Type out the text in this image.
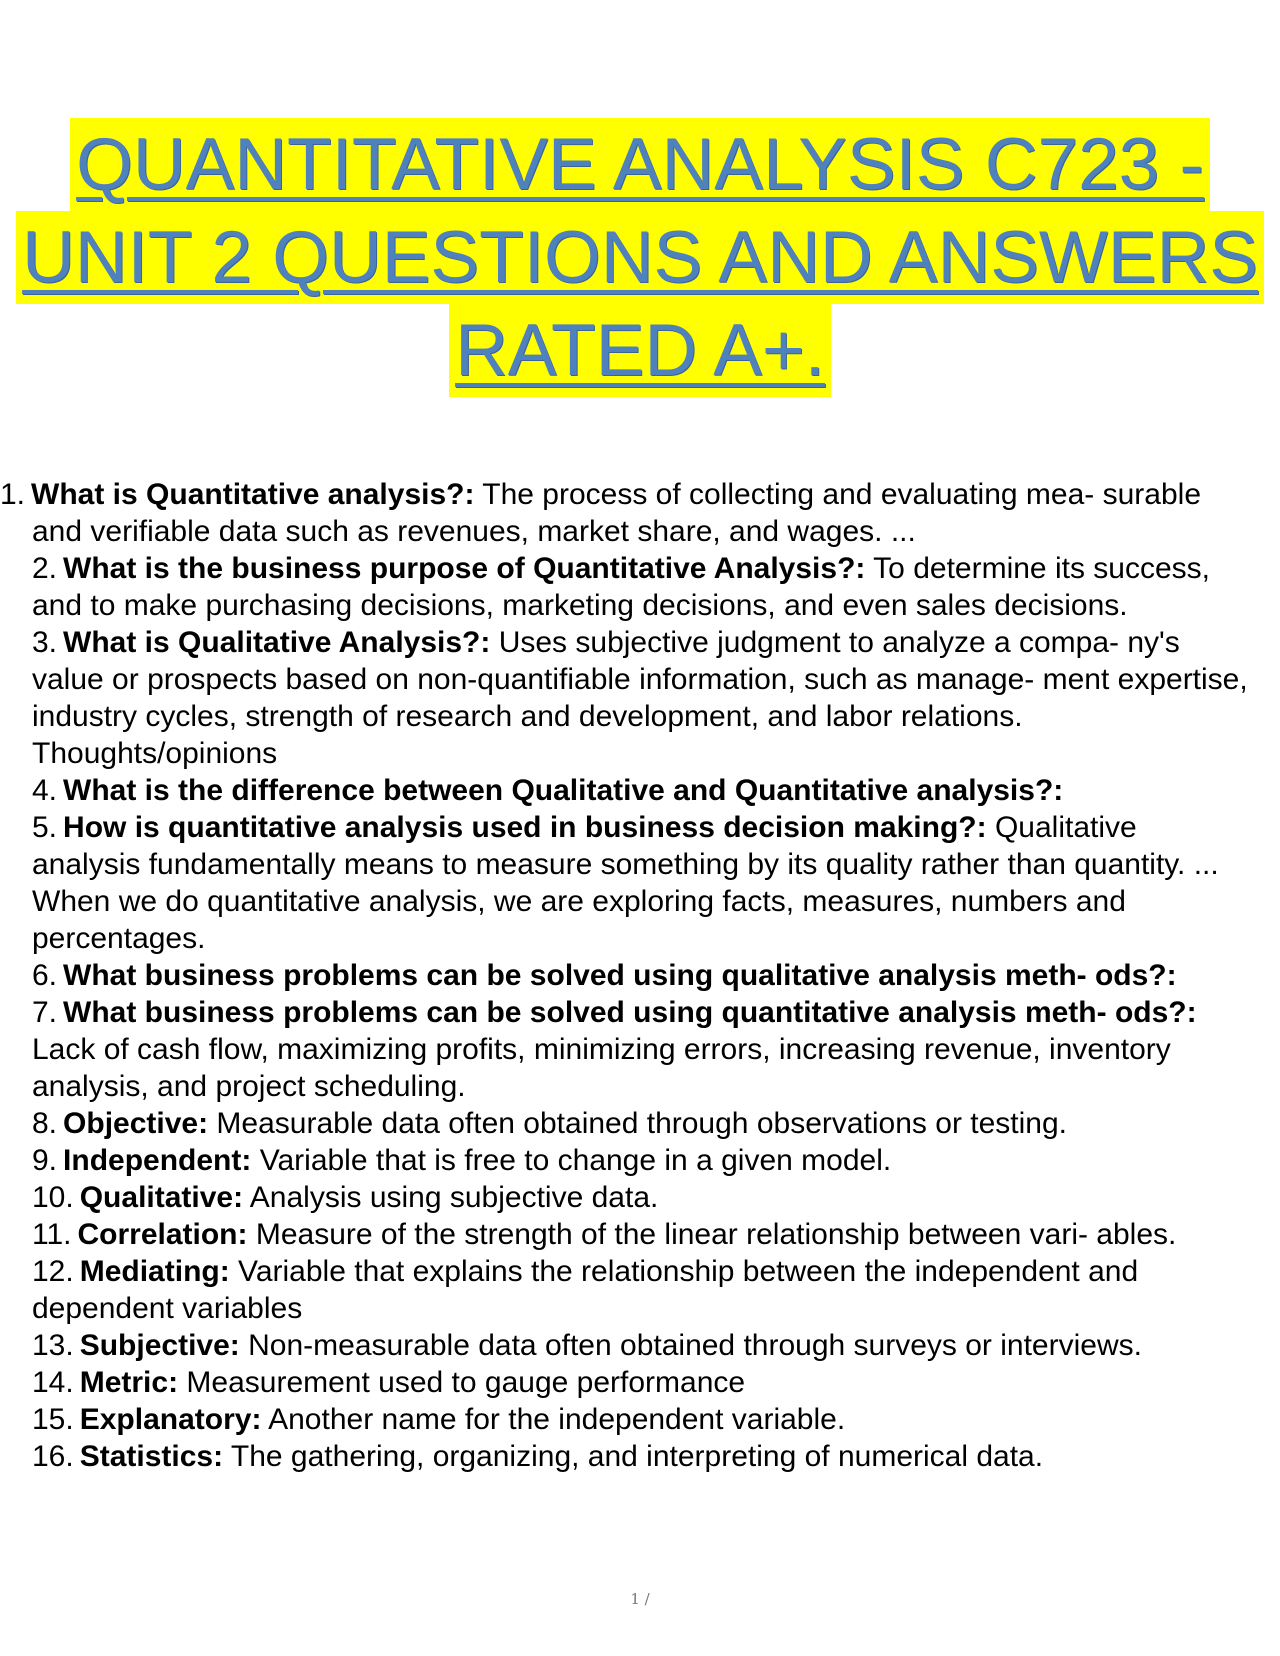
QUANTITATIVE ANALYSIS C723 -
UNIT 2 QUESTIONS AND ANSWERS
RATED A+.

1. What is Quantitative analysis?: The process of collecting and evaluating mea- surable and verifiable data such as revenues, market share, and wages. ...

2. What is the business purpose of Quantitative Analysis?: To determine its success, and to make purchasing decisions, marketing decisions, and even sales decisions.

3. What is Qualitative Analysis?: Uses subjective judgment to analyze a compa- ny's value or prospects based on non-quantifiable information, such as manage- ment expertise, industry cycles, strength of research and development, and labor relations. Thoughts/opinions

4. What is the difference between Qualitative and Quantitative analysis?:

5. How is quantitative analysis used in business decision making?: Qualitative analysis fundamentally means to measure something by its quality rather than quantity. ... When we do quantitative analysis, we are exploring facts, measures, numbers and percentages.

6. What business problems can be solved using qualitative analysis meth- ods?:

7. What business problems can be solved using quantitative analysis meth- ods?: Lack of cash flow, maximizing profits, minimizing errors, increasing revenue, inventory analysis, and project scheduling.

8. Objective: Measurable data often obtained through observations or testing.

9. Independent: Variable that is free to change in a given model.

10. Qualitative: Analysis using subjective data.

11. Correlation: Measure of the strength of the linear relationship between vari- ables.

12. Mediating: Variable that explains the relationship between the independent and dependent variables

13. Subjective: Non-measurable data often obtained through surveys or interviews.

14. Metric: Measurement used to gauge performance

15. Explanatory: Another name for the independent variable.

16. Statistics: The gathering, organizing, and interpreting of numerical data.

1 /
